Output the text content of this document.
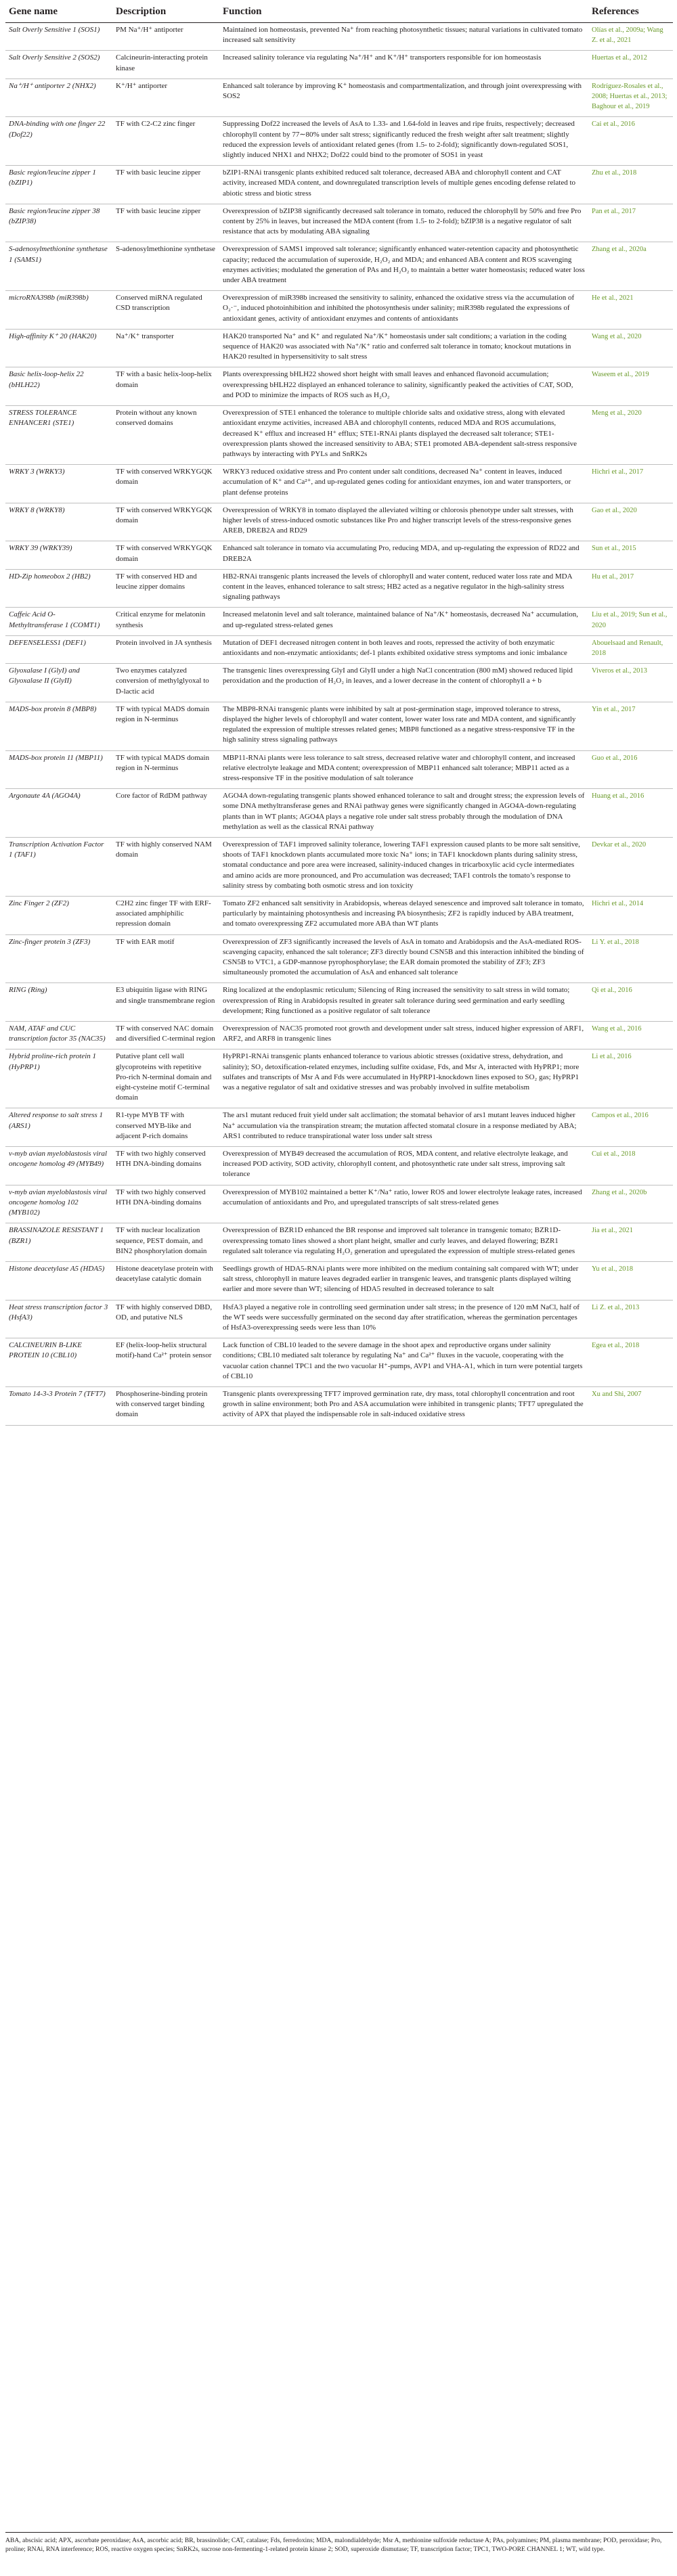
Gene name	Description	Function	References
Salt Overly Sensitive 1 (SOS1)	PM Na⁺/H⁺ antiporter	Maintained ion homeostasis, prevented Na⁺ from reaching photosynthetic tissues; natural variations in cultivated tomato increased salt sensitivity	Olías et al., 2009a; Wang Z. et al., 2021
Salt Overly Sensitive 2 (SOS2)	Calcineurin-interacting protein kinase	Increased salinity tolerance via regulating Na⁺/H⁺ and K⁺/H⁺ transporters responsible for ion homeostasis	Huertas et al., 2012
Na⁺/H⁺ antiporter 2 (NHX2)	K⁺/H⁺ antiporter	Enhanced salt tolerance by improving K⁺ homeostasis and compartmentalization, and through joint overexpressing with SOS2	Rodríguez-Rosales et al., 2008; Huertas et al., 2013; Baghour et al., 2019
DNA-binding with one finger 22 (Dof22)	TF with C2-C2 zinc finger	Suppressing Dof22 increased the levels of AsA to 1.33- and 1.64-fold in leaves and ripe fruits, respectively; decreased chlorophyll content by 77∼80% under salt stress; significantly reduced the fresh weight after salt treatment; slightly reduced the expression levels of antioxidant related genes (from 1.5- to 2-fold); significantly down-regulated SOS1, slightly induced NHX1 and NHX2; Dof22 could bind to the promoter of SOS1 in yeast	Cai et al., 2016
Basic region/leucine zipper 1 (bZIP1)	TF with basic leucine zipper	bZIP1-RNAi transgenic plants exhibited reduced salt tolerance, decreased ABA and chlorophyll content and CAT activity, increased MDA content, and downregulated transcription levels of multiple genes encoding defense related to abiotic stress and biotic stress	Zhu et al., 2018
Basic region/leucine zipper 38 (bZIP38)	TF with basic leucine zipper	Overexpression of bZIP38 significantly decreased salt tolerance in tomato, reduced the chlorophyll by 50% and free Pro content by 25% in leaves, but increased the MDA content (from 1.5- to 2-fold); bZIP38 is a negative regulator of salt resistance that acts by modulating ABA signaling	Pan et al., 2017
S-adenosylmethionine synthetase 1 (SAMS1)	S-adenosylmethionine synthetase	Overexpression of SAMS1 improved salt tolerance; significantly enhanced water-retention capacity and photosynthetic capacity; reduced the accumulation of superoxide, H₂O₂ and MDA; and enhanced ABA content and ROS scavenging enzymes activities; modulated the generation of PAs and H₂O₂ to maintain a better water homeostasis; reduced water loss under ABA treatment	Zhang et al., 2020a
microRNA398b (miR398b)	Conserved miRNA regulated CSD transcription	Overexpression of miR398b increased the sensitivity to salinity, enhanced the oxidative stress via the accumulation of O₂·⁻, induced photoinhibition and inhibited the photosynthesis under salinity; miR398b regulated the expressions of antioxidant genes, activity of antioxidant enzymes and contents of antioxidants	He et al., 2021
High-affinity K⁺ 20 (HAK20)	Na⁺/K⁺ transporter	HAK20 transported Na⁺ and K⁺ and regulated Na⁺/K⁺ homeostasis under salt conditions; a variation in the coding sequence of HAK20 was associated with Na⁺/K⁺ ratio and conferred salt tolerance in tomato; knockout mutations in HAK20 resulted in hypersensitivity to salt stress	Wang et al., 2020
Basic helix-loop-helix 22 (bHLH22)	TF with a basic helix-loop-helix domain	Plants overexpressing bHLH22 showed short height with small leaves and enhanced flavonoid accumulation; overexpressing bHLH22 displayed an enhanced tolerance to salinity, significantly peaked the activities of CAT, SOD, and POD to minimize the impacts of ROS such as H₂O₂	Waseem et al., 2019
STRESS TOLERANCE ENHANCER1 (STE1)	Protein without any known conserved domains	Overexpression of STE1 enhanced the tolerance to multiple chloride salts and oxidative stress, along with elevated antioxidant enzyme activities, increased ABA and chlorophyll contents, reduced MDA and ROS accumulations, decreased K⁺ efflux and increased H⁺ efflux; STE1-RNAi plants displayed the decreased salt tolerance; STE1-overexpression plants showed the increased sensitivity to ABA; STE1 promoted ABA-dependent salt-stress responsive pathways by interacting with PYLs and SnRK2s	Meng et al., 2020
WRKY 3 (WRKY3)	TF with conserved WRKYGQK domain	WRKY3 reduced oxidative stress and Pro content under salt conditions, decreased Na⁺ content in leaves, induced accumulation of K⁺ and Ca²⁺, and up-regulated genes coding for antioxidant enzymes, ion and water transporters, or plant defense proteins	Hichri et al., 2017
WRKY 8 (WRKY8)	TF with conserved WRKYGQK domain	Overexpression of WRKY8 in tomato displayed the alleviated wilting or chlorosis phenotype under salt stresses, with higher levels of stress-induced osmotic substances like Pro and higher transcript levels of the stress-responsive genes AREB, DREB2A and RD29	Gao et al., 2020
WRKY 39 (WRKY39)	TF with conserved WRKYGQK domain	Enhanced salt tolerance in tomato via accumulating Pro, reducing MDA, and up-regulating the expression of RD22 and DREB2A	Sun et al., 2015
HD-Zip homeobox 2 (HB2)	TF with conserved HD and leucine zipper domains	HB2-RNAi transgenic plants increased the levels of chlorophyll and water content, reduced water loss rate and MDA content in the leaves, enhanced tolerance to salt stress; HB2 acted as a negative regulator in the high-salinity stress signaling pathways	Hu et al., 2017
Caffeic Acid O-Methyltransferase 1 (COMT1)	Critical enzyme for melatonin synthesis	Increased melatonin level and salt tolerance, maintained balance of Na⁺/K⁺ homeostasis, decreased Na⁺ accumulation, and up-regulated stress-related genes	Liu et al., 2019; Sun et al., 2020
DEFENSELESS1 (DEF1)	Protein involved in JA synthesis	Mutation of DEF1 decreased nitrogen content in both leaves and roots, repressed the activity of both enzymatic antioxidants and non-enzymatic antioxidants; def-1 plants exhibited oxidative stress symptoms and ionic imbalance	Abouelsaad and Renault, 2018
Glyoxalase I (GlyI) and Glyoxalase II (GlyII)	Two enzymes catalyzed conversion of methylglyoxal to D-lactic acid	The transgenic lines overexpressing GlyI and GlyII under a high NaCl concentration (800 mM) showed reduced lipid peroxidation and the production of H₂O₂ in leaves, and a lower decrease in the content of chlorophyll a + b	Viveros et al., 2013
MADS-box protein 8 (MBP8)	TF with typical MADS domain region in N-terminus	The MBP8-RNAi transgenic plants were inhibited by salt at post-germination stage, improved tolerance to stress, displayed the higher levels of chlorophyll and water content, lower water loss rate and MDA content, and significantly regulated the expression of multiple stresses related genes; MBP8 functioned as a negative stress-responsive TF in the high salinity stress signaling pathways	Yin et al., 2017
MADS-box protein 11 (MBP11)	TF with typical MADS domain region in N-terminus	MBP11-RNAi plants were less tolerance to salt stress, decreased relative water and chlorophyll content, and increased relative electrolyte leakage and MDA content; overexpression of MBP11 enhanced salt tolerance; MBP11 acted as a stress-responsive TF in the positive modulation of salt tolerance	Guo et al., 2016
Argonaute 4A (AGO4A)	Core factor of RdDM pathway	AGO4A down-regulating transgenic plants showed enhanced tolerance to salt and drought stress; the expression levels of some DNA methyltransferase genes and RNAi pathway genes were significantly changed in AGO4A-down-regulating plants than in WT plants; AGO4A plays a negative role under salt stress probably through the modulation of DNA methylation as well as the classical RNAi pathway	Huang et al., 2016
Transcription Activation Factor 1 (TAF1)	TF with highly conserved NAM domain	Overexpression of TAF1 improved salinity tolerance, lowering TAF1 expression caused plants to be more salt sensitive, shoots of TAF1 knockdown plants accumulated more toxic Na⁺ ions; in TAF1 knockdown plants during salinity stress, stomatal conductance and pore area were increased, salinity-induced changes in tricarboxylic acid cycle intermediates and amino acids are more pronounced, and Pro accumulation was decreased; TAF1 controls the tomato’s response to salinity stress by combating both osmotic stress and ion toxicity	Devkar et al., 2020
Zinc Finger 2 (ZF2)	C2H2 zinc finger TF with ERF-associated amphiphilic repression domain	Tomato ZF2 enhanced salt sensitivity in Arabidopsis, whereas delayed senescence and improved salt tolerance in tomato, particularly by maintaining photosynthesis and increasing PA biosynthesis; ZF2 is rapidly induced by ABA treatment, and tomato overexpressing ZF2 accumulated more ABA than WT plants	Hichri et al., 2014
Zinc-finger protein 3 (ZF3)	TF with EAR motif	Overexpression of ZF3 significantly increased the levels of AsA in tomato and Arabidopsis and the AsA-mediated ROS-scavenging capacity, enhanced the salt tolerance; ZF3 directly bound CSN5B and this interaction inhibited the binding of CSN5B to VTC1, a GDP-mannose pyrophosphorylase; the EAR domain promoted the stability of ZF3; ZF3 simultaneously promoted the accumulation of AsA and enhanced salt tolerance	Li Y. et al., 2018
RING (Ring)	E3 ubiquitin ligase with RING and single transmembrane region	Ring localized at the endoplasmic reticulum; Silencing of Ring increased the sensitivity to salt stress in wild tomato; overexpression of Ring in Arabidopsis resulted in greater salt tolerance during seed germination and early seedling development; Ring functioned as a positive regulator of salt tolerance	Qi et al., 2016
NAM, ATAF and CUC transcription factor 35 (NAC35)	TF with conserved NAC domain and diversified C-terminal region	Overexpression of NAC35 promoted root growth and development under salt stress, induced higher expression of ARF1, ARF2, and ARF8 in transgenic lines	Wang et al., 2016
Hybrid proline-rich protein 1 (HyPRP1)	Putative plant cell wall glycoproteins with repetitive Pro-rich N-terminal domain and eight-cysteine motif C-terminal domain	HyPRP1-RNAi transgenic plants enhanced tolerance to various abiotic stresses (oxidative stress, dehydration, and salinity); SO₂ detoxification-related enzymes, including sulfite oxidase, Fds, and Msr A, interacted with HyPRP1; more sulfates and transcripts of Msr A and Fds were accumulated in HyPRP1-knockdown lines exposed to SO₂ gas; HyPRP1 was a negative regulator of salt and oxidative stresses and was probably involved in sulfite metabolism	Li et al., 2016
Altered response to salt stress 1 (ARS1)	R1-type MYB TF with conserved MYB-like and adjacent P-rich domains	The ars1 mutant reduced fruit yield under salt acclimation; the stomatal behavior of ars1 mutant leaves induced higher Na⁺ accumulation via the transpiration stream; the mutation affected stomatal closure in a response mediated by ABA; ARS1 contributed to reduce transpirational water loss under salt stress	Campos et al., 2016
v-myb avian myeloblastosis viral oncogene homolog 49 (MYB49)	TF with two highly conserved HTH DNA-binding domains	Overexpression of MYB49 decreased the accumulation of ROS, MDA content, and relative electrolyte leakage, and increased POD activity, SOD activity, chlorophyll content, and photosynthetic rate under salt stress, improving salt tolerance	Cui et al., 2018
v-myb avian myeloblastosis viral oncogene homolog 102 (MYB102)	TF with two highly conserved HTH DNA-binding domains	Overexpression of MYB102 maintained a better K⁺/Na⁺ ratio, lower ROS and lower electrolyte leakage rates, increased accumulation of antioxidants and Pro, and upregulated transcripts of salt stress-related genes	Zhang et al., 2020b
BRASSINAZOLE RESISTANT 1 (BZR1)	TF with nuclear localization sequence, PEST domain, and BIN2 phosphorylation domain	Overexpression of BZR1D enhanced the BR response and improved salt tolerance in transgenic tomato; BZR1D-overexpressing tomato lines showed a short plant height, smaller and curly leaves, and delayed flowering; BZR1 regulated salt tolerance via regulating H₂O₂ generation and upregulated the expression of multiple stress-related genes	Jia et al., 2021
Histone deacetylase A5 (HDA5)	Histone deacetylase protein with deacetylase catalytic domain	Seedlings growth of HDA5-RNAi plants were more inhibited on the medium containing salt compared with WT; under salt stress, chlorophyll in mature leaves degraded earlier in transgenic leaves, and transgenic plants displayed wilting earlier and more severe than WT; silencing of HDA5 resulted in decreased tolerance to salt	Yu et al., 2018
Heat stress transcription factor 3 (HsfA3)	TF with highly conserved DBD, OD, and putative NLS	HsfA3 played a negative role in controlling seed germination under salt stress; in the presence of 120 mM NaCl, half of the WT seeds were successfully germinated on the second day after stratification, whereas the germination percentages of HsfA3-overexpressing seeds were less than 10%	Li Z. et al., 2013
CALCINEURIN B-LIKE PROTEIN 10 (CBL10)	EF (helix-loop-helix structural motif)-hand Ca²⁺ protein sensor	Lack function of CBL10 leaded to the severe damage in the shoot apex and reproductive organs under salinity conditions; CBL10 mediated salt tolerance by regulating Na⁺ and Ca²⁺ fluxes in the vacuole, cooperating with the vacuolar cation channel TPC1 and the two vacuolar H⁺-pumps, AVP1 and VHA-A1, which in turn were potential targets of CBL10	Egea et al., 2018
Tomato 14-3-3 Protein 7 (TFT7)	Phosphoserine-binding protein with conserved target binding domain	Transgenic plants overexpressing TFT7 improved germination rate, dry mass, total chlorophyll concentration and root growth in saline environment; both Pro and ASA accumulation were inhibited in transgenic plants; TFT7 upregulated the activity of APX that played the indispensable role in salt-induced oxidative stress	Xu and Shi, 2007
ABA, abscisic acid; APX, ascorbate peroxidase; AsA, ascorbic acid; BR, brassinolide; CAT, catalase; Fds, ferredoxins; MDA, malondialdehyde; Msr A, methionine sulfoxide reductase A; PAs, polyamines; PM, plasma membrane; POD, peroxidase; Pro, proline; RNAi, RNA interference; ROS, reactive oxygen species; SnRK2s, sucrose non-fermenting-1-related protein kinase 2; SOD, superoxide dismutase; TF, transcription factor; TPC1, TWO-PORE CHANNEL 1; WT, wild type.
